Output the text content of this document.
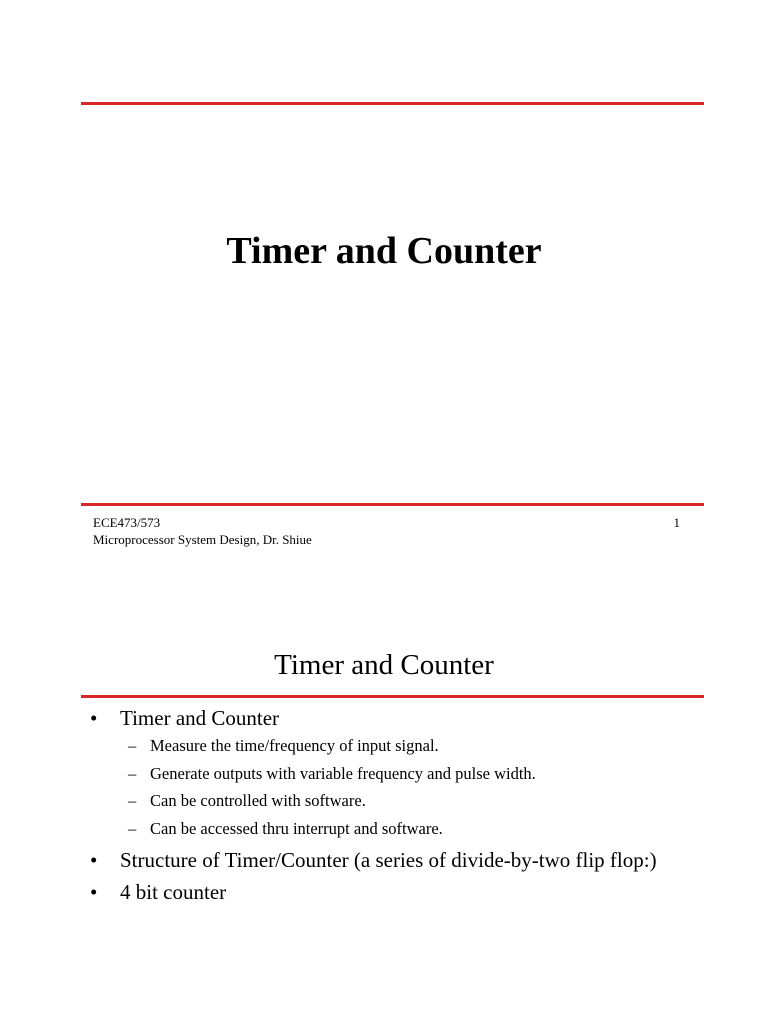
Timer and Counter
ECE473/573
Microprocessor System Design, Dr. Shiue
1
Timer and Counter
• Timer and Counter
– Measure the time/frequency of input signal.
– Generate outputs with variable frequency and pulse width.
– Can be controlled with software.
– Can be accessed thru interrupt and software.
• Structure of Timer/Counter (a series of divide-by-two flip flop:)
• 4 bit counter
